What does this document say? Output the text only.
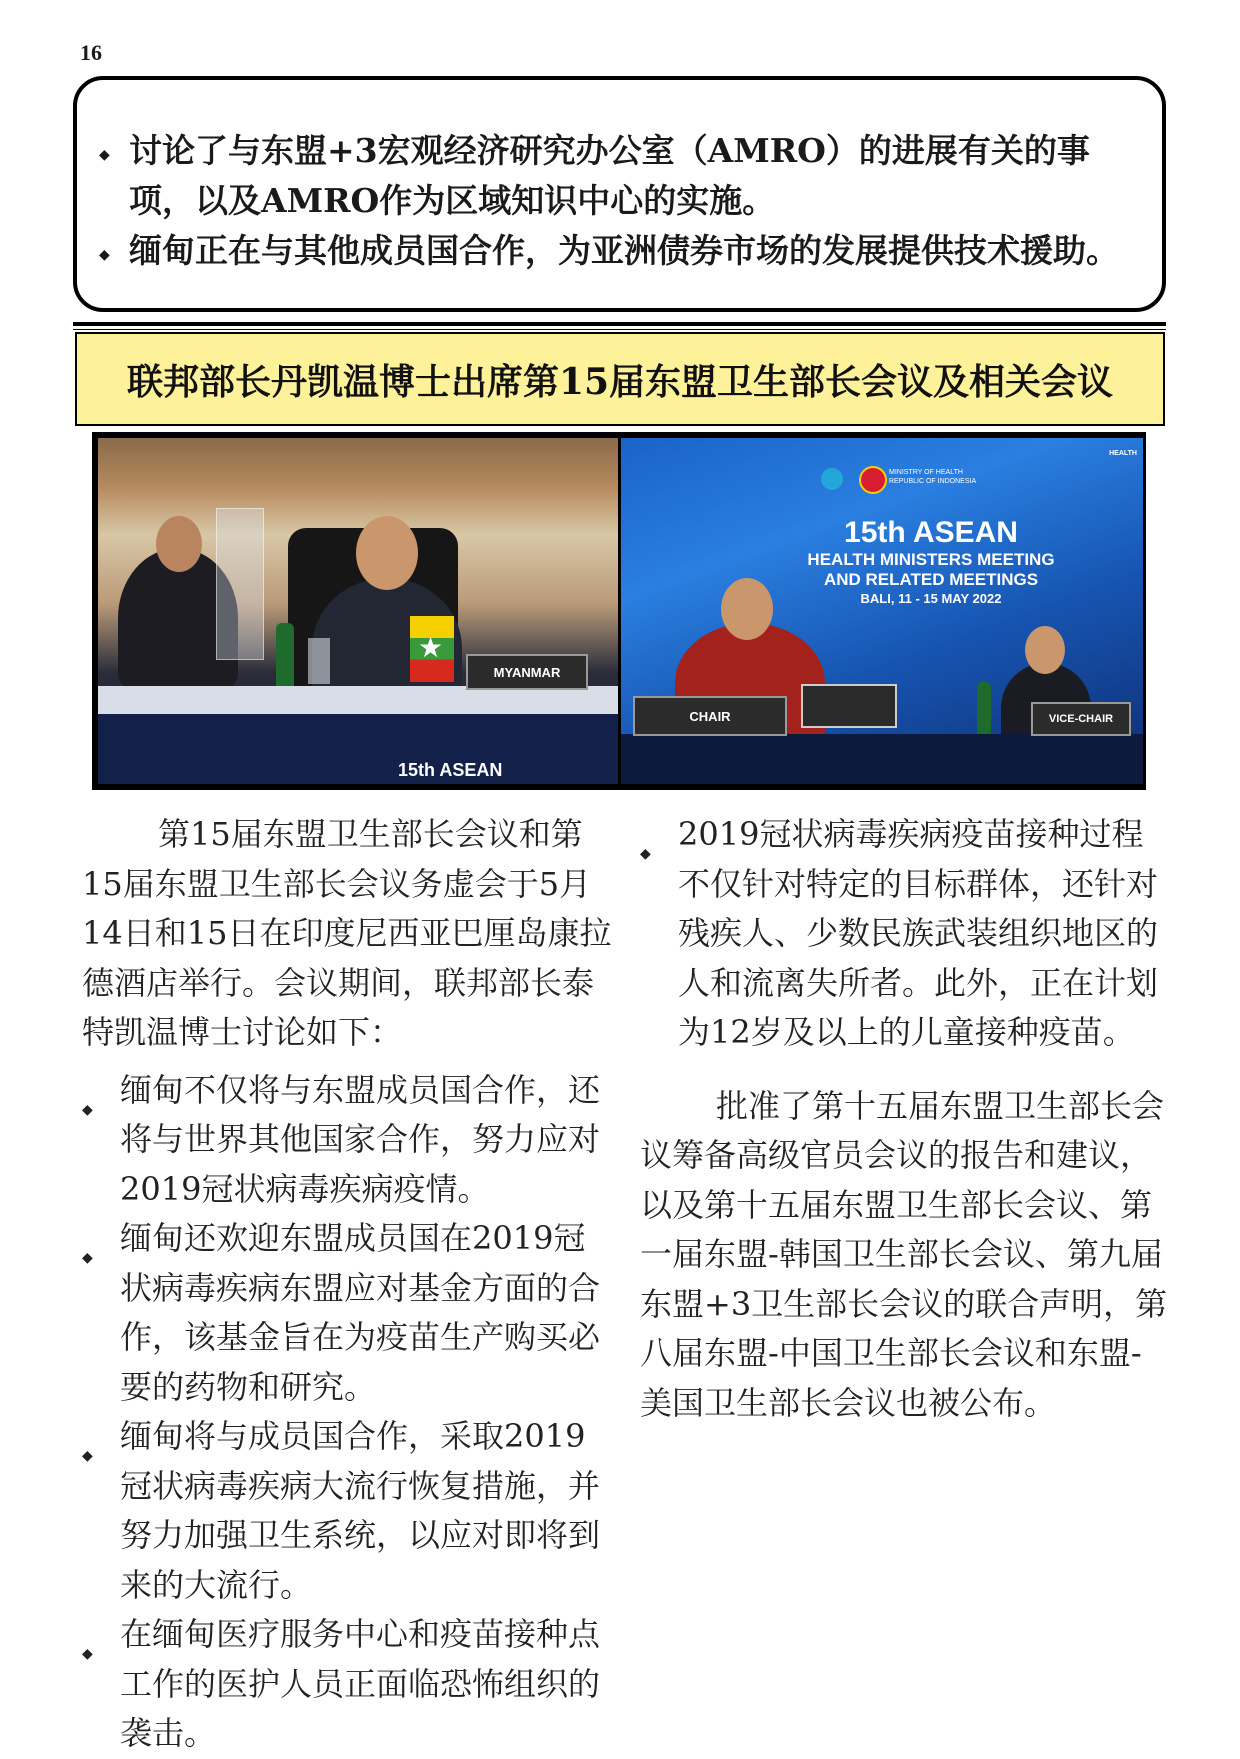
16
◆ 讨论了与东盟+3宏观经济研究办公室（AMRO）的进展有关的事项，以及AMRO作为区域知识中心的实施。
◆ 缅甸正在与其他成员国合作，为亚洲债券市场的发展提供技术援助。
联邦部长丹凯温博士出席第15届东盟卫生部长会议及相关会议
★
MYANMAR
15th ASEAN
MINISTRY OF HEALTH REPUBLIC OF INDONESIA
HEALTH
15th ASEAN
HEALTH MINISTERS MEETING
AND RELATED MEETINGS
BALI, 11 - 15 MAY 2022
CHAIR	VICE-CHAIR

第15届东盟卫生部长会议和第15届东盟卫生部长会议务虚会于5月14日和15日在印度尼西亚巴厘岛康拉德酒店举行。会议期间，联邦部长泰特凯温博士讨论如下：

◆
缅甸不仅将与东盟成员国合作，还将与世界其他国家合作，努力应对2019冠状病毒疾病疫情。
◆
缅甸还欢迎东盟成员国在2019冠状病毒疾病东盟应对基金方面的合作，该基金旨在为疫苗生产购买必要的药物和研究。
◆
缅甸将与成员国合作，采取2019冠状病毒疾病大流行恢复措施，并努力加强卫生系统，以应对即将到来的大流行。
◆
在缅甸医疗服务中心和疫苗接种点工作的医护人员正面临恐怖组织的袭击。
◆
2019冠状病毒疾病疫苗接种过程不仅针对特定的目标群体，还针对残疾人、少数民族武装组织地区的人和流离失所者。此外，正在计划为12岁及以上的儿童接种疫苗。

批准了第十五届东盟卫生部长会议筹备高级官员会议的报告和建议，以及第十五届东盟卫生部长会议、第一届东盟-韩国卫生部长会议、第九届东盟+3卫生部长会议的联合声明，第八届东盟-中国卫生部长会议和东盟-美国卫生部长会议也被公布。
